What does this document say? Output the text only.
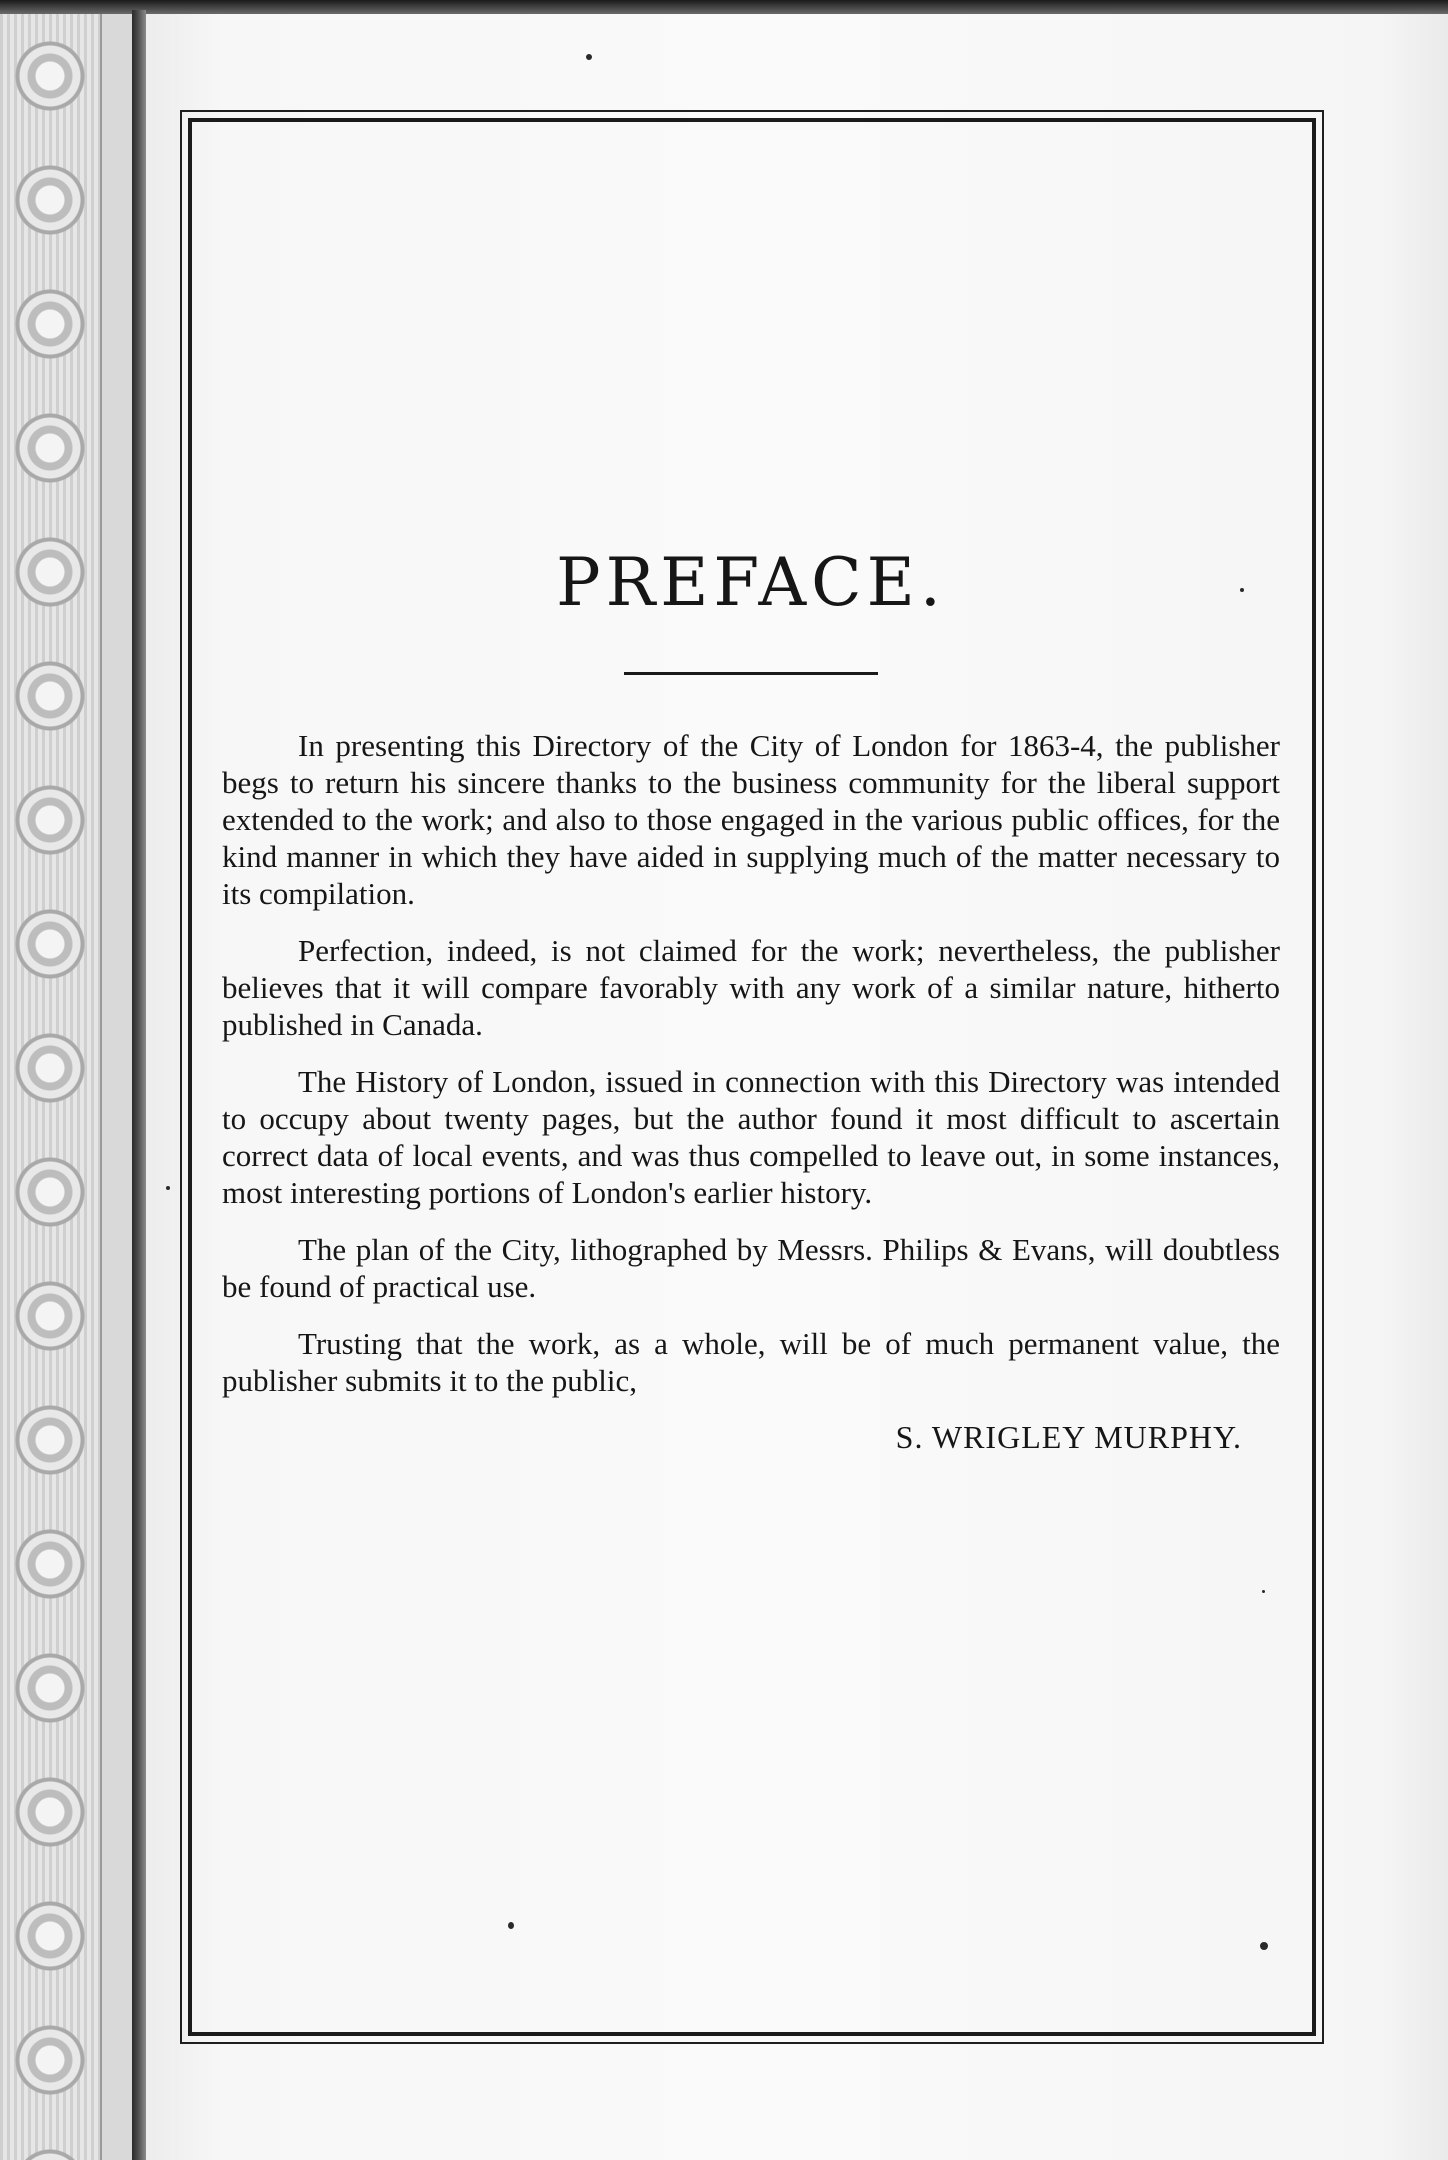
PREFACE.

In presenting this Directory of the City of London for 1863-4, the publisher begs to return his sincere thanks to the business community for the liberal support extended to the work; and also to those engaged in the various public offices, for the kind manner in which they have aided in supplying much of the matter necessary to its compilation.

Perfection, indeed, is not claimed for the work; nevertheless, the publisher believes that it will compare favorably with any work of a similar nature, hitherto published in Canada.

The History of London, issued in connection with this Directory was intended to occupy about twenty pages, but the author found it most difficult to ascertain correct data of local events, and was thus compelled to leave out, in some instances, most interesting portions of London's earlier history.

The plan of the City, lithographed by Messrs. Philips & Evans, will doubtless be found of practical use.

Trusting that the work, as a whole, will be of much permanent value, the publisher submits it to the public,

S. WRIGLEY MURPHY.
